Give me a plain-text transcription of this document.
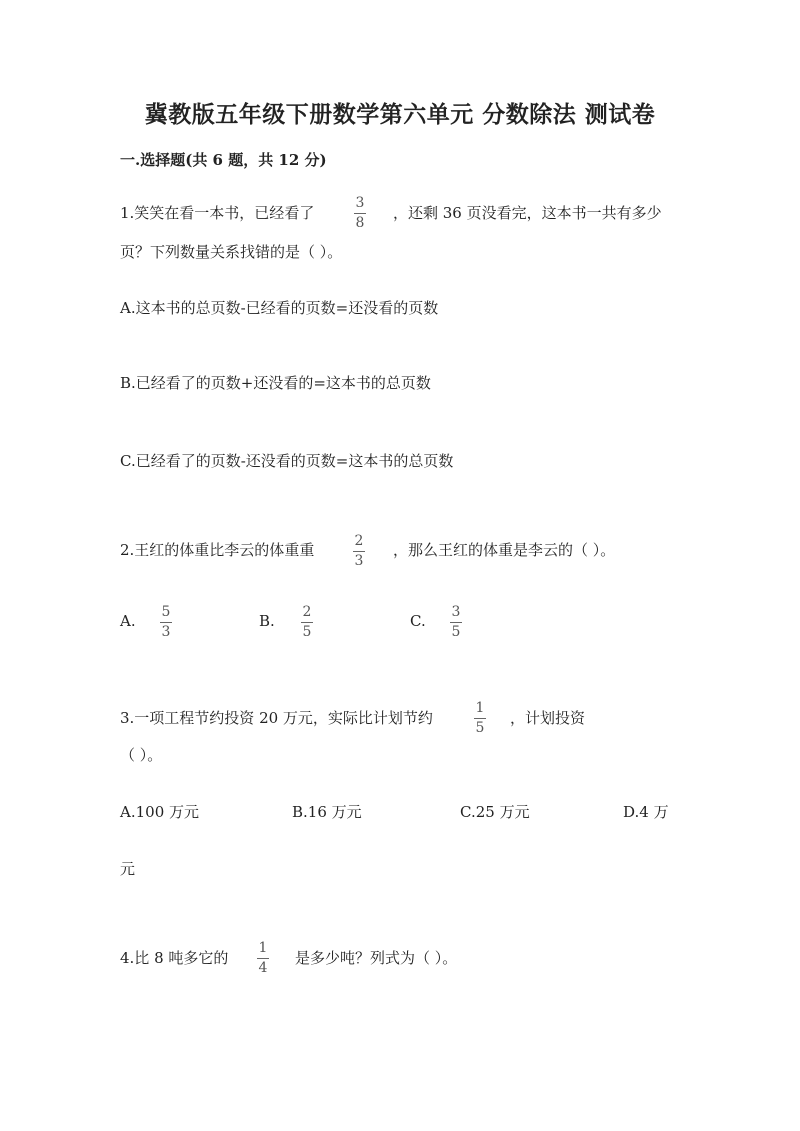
冀教版五年级下册数学第六单元 分数除法 测试卷
一.选择题(共 6 题，共 12 分)
1.笑笑在看一本书，已经看了
3
8
，还剩 36 页没看完，这本书一共有多少
页？下列数量关系找错的是（ ）。
A.这本书的总页数-已经看的页数=还没看的页数
B.已经看了的页数+还没看的=这本书的总页数
C.已经看了的页数-还没看的页数=这本书的总页数
2.王红的体重比李云的体重重	2
3
，那么王红的体重是李云的（ ）。
A. 5
3
B. 2
5
C. 3
5
3.一项工程节约投资 20 万元，实际比计划节约
1
5
，计划投资
（ ）。
A.100 万元	B.16 万元	C.25 万元	D.4 万
元
4.比 8 吨多它的
1
4
是多少吨？列式为（ ）。
